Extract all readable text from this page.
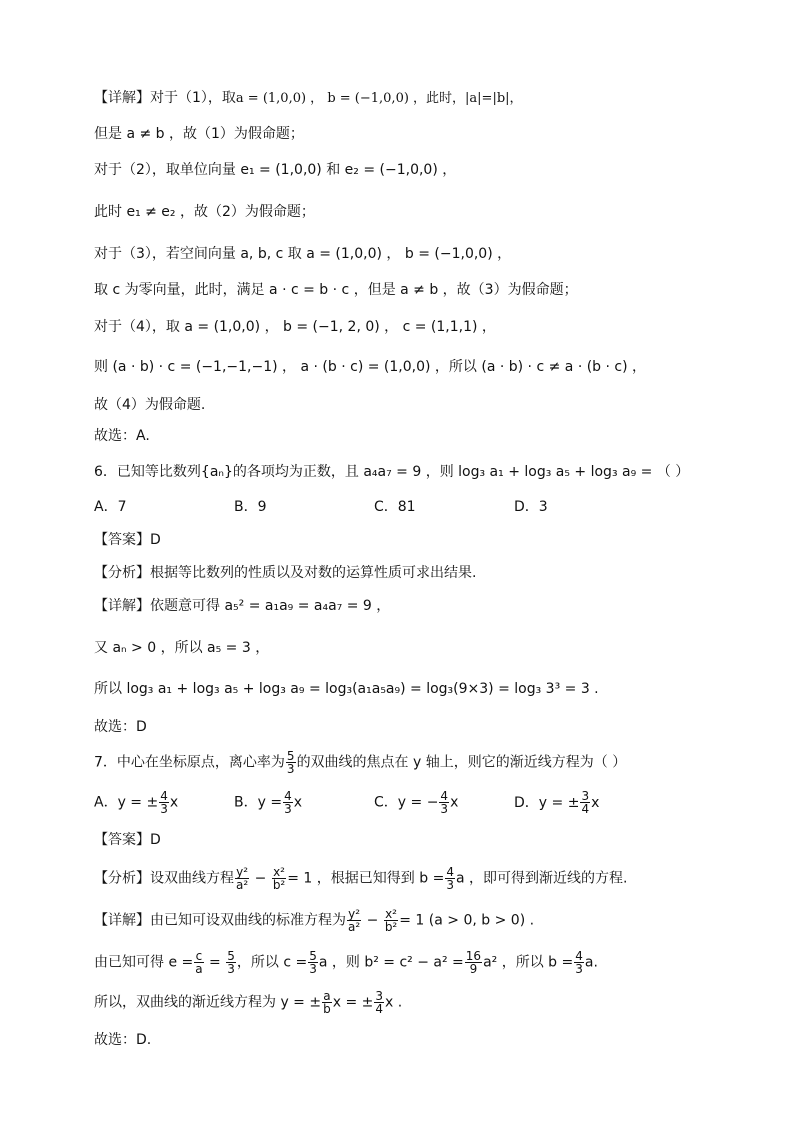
【详解】对于（1），取a = (1,0,0) ， b = (−1,0,0) ，此时，|a|=|b|，
但是 a ≠ b ，故（1）为假命题；
对于（2），取单位向量 e₁ = (1,0,0) 和 e₂ = (−1,0,0) ，
此时 e₁ ≠ e₂ ，故（2）为假命题；
对于（3），若空间向量 a, b, c 取 a = (1,0,0) ， b = (−1,0,0) ，
取 c 为零向量，此时，满足 a · c = b · c ，但是 a ≠ b ，故（3）为假命题；
对于（4），取 a = (1,0,0) ， b = (−1, 2, 0) ， c = (1,1,1) ，
则 (a · b) · c = (−1,−1,−1) ， a · (b · c) = (1,0,0) ，所以 (a · b) · c ≠ a · (b · c) ，
故（4）为假命题.
故选：A.
6．已知等比数列{aₙ}的各项均为正数，且 a₄a₇ = 9 ，则 log₃ a₁ + log₃ a₅ + log₃ a₉ = （ ）
A．7	B．9	C．81	D．3
【答案】D
【分析】根据等比数列的性质以及对数的运算性质可求出结果.
【详解】依题意可得 a₅² = a₁a₉ = a₄a₇ = 9 ，
又 aₙ > 0 ，所以 a₅ = 3 ，
所以 log₃ a₁ + log₃ a₅ + log₃ a₉ = log₃(a₁a₅a₉) = log₃(9×3) = log₃ 3³ = 3 .
故选：D
7．中心在坐标原点，离心率为 $\frac{5}{3}$ 的双曲线的焦点在 y 轴上，则它的渐近线方程为（ ）
A．y = ± $\frac{4}{3}$ x	B．$y = \frac{4}{3}$ x	C．y = − $\frac{4}{3}$ x	D．y = ± $\frac{3}{4}$ x
【答案】D
【分析】设双曲线方程 $\frac{\text{y²}}{\text{a²}} - \frac{\text{x²}}{\text{b²}} = 1$ ，根据已知得到 $b = \frac{4}{3}$ a ，即可得到渐近线的方程.
【详解】由已知可设双曲线的标准方程为 $\frac{\text{y²}}{\text{a²}} - \frac{\text{x²}}{\text{b²}} = 1$ (a > 0, b > 0) .
由已知可得 $e = \frac{c}{a} = \frac{5}{3}$ ，所以 $c = \frac{5}{3}$ a ，则 $b^2 = c^2 - a^2 = \frac{16}{9} a^2$ ，所以 $b = \frac{4}{3} a$.
所以，双曲线的渐近线方程为 y = ± $\frac{a}{b}$ x = ± $\frac{3}{4}$ x .
故选：D.
